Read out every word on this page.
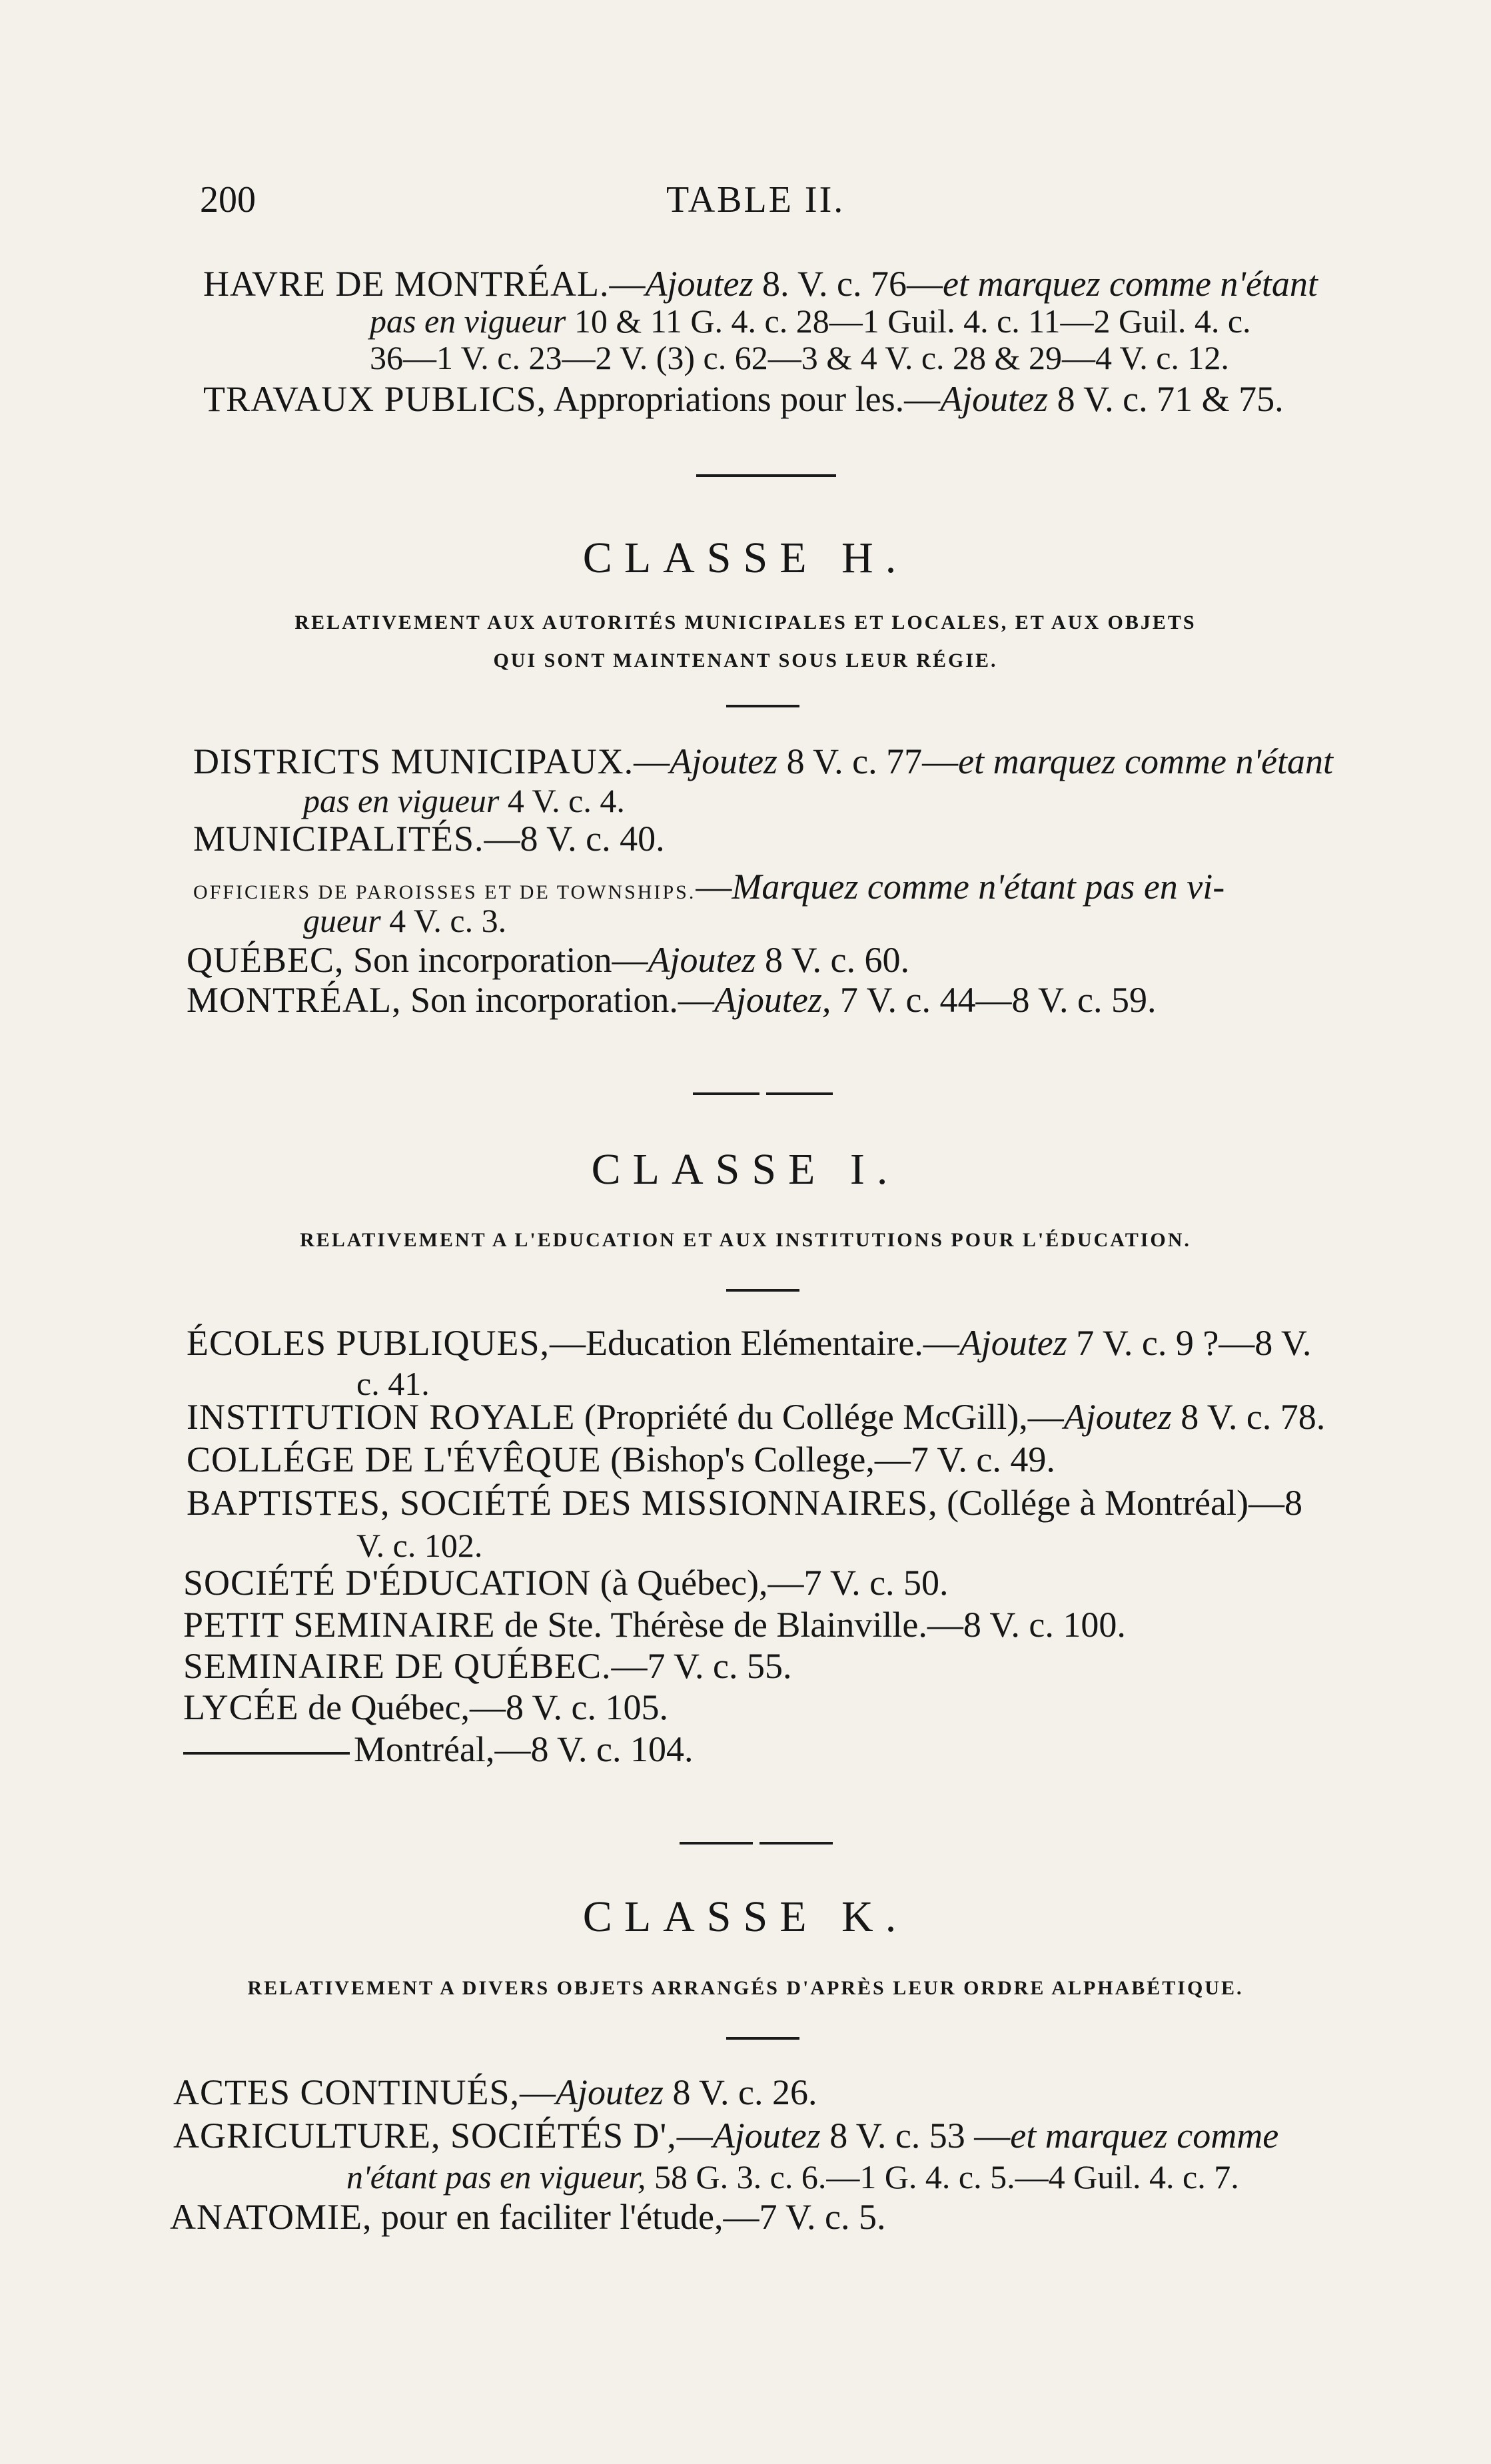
200	TABLE II.
HAVRE DE MONTRÉAL.—Ajoutez 8. V. c. 76—et marquez comme n'étant
pas en vigueur 10 & 11 G. 4. c. 28—1 Guil. 4. c. 11—2 Guil. 4. c.
36—1 V. c. 23—2 V. (3) c. 62—3 & 4 V. c. 28 & 29—4 V. c. 12.
TRAVAUX PUBLICS, Appropriations pour les.—Ajoutez 8 V. c. 71 & 75.
CLASSE H.
RELATIVEMENT AUX AUTORITÉS MUNICIPALES ET LOCALES, ET AUX OBJETS
QUI SONT MAINTENANT SOUS LEUR RÉGIE.
DISTRICTS MUNICIPAUX.—Ajoutez 8 V. c. 77—et marquez comme n'étant
pas en vigueur 4 V. c. 4.
MUNICIPALITÉS.—8 V. c. 40.
OFFICIERS DE PAROISSES ET DE TOWNSHIPS.—Marquez comme n'étant pas en vi-
gueur 4 V. c. 3.
QUÉBEC, Son incorporation—Ajoutez 8 V. c. 60.
MONTRÉAL, Son incorporation.—Ajoutez, 7 V. c. 44—8 V. c. 59.
CLASSE I.
RELATIVEMENT A L'EDUCATION ET AUX INSTITUTIONS POUR L'ÉDUCATION.
ÉCOLES PUBLIQUES,—Education Elémentaire.—Ajoutez 7 V. c. 9 ?—8 V.
c. 41.
INSTITUTION ROYALE (Propriété du Collége McGill),—Ajoutez 8 V. c. 78.
COLLÉGE DE L'ÉVÊQUE (Bishop's College,—7 V. c. 49.
BAPTISTES, SOCIÉTÉ DES MISSIONNAIRES, (Collége à Montréal)—8
V. c. 102.
SOCIÉTÉ D'ÉDUCATION (à Québec),—7 V. c. 50.
PETIT SEMINAIRE de Ste. Thérèse de Blainville.—8 V. c. 100.
SEMINAIRE DE QUÉBEC.—7 V. c. 55.
LYCÉE de Québec,—8 V. c. 105.
Montréal,—8 V. c. 104.
CLASSE K.
RELATIVEMENT A DIVERS OBJETS ARRANGÉS D'APRÈS LEUR ORDRE ALPHABÉTIQUE.
ACTES CONTINUÉS,—Ajoutez 8 V. c. 26.
AGRICULTURE, SOCIÉTÉS D',—Ajoutez 8 V. c. 53 —et marquez comme
n'étant pas en vigueur, 58 G. 3. c. 6.—1 G. 4. c. 5.—4 Guil. 4. c. 7.
ANATOMIE, pour en faciliter l'étude,—7 V. c. 5.
